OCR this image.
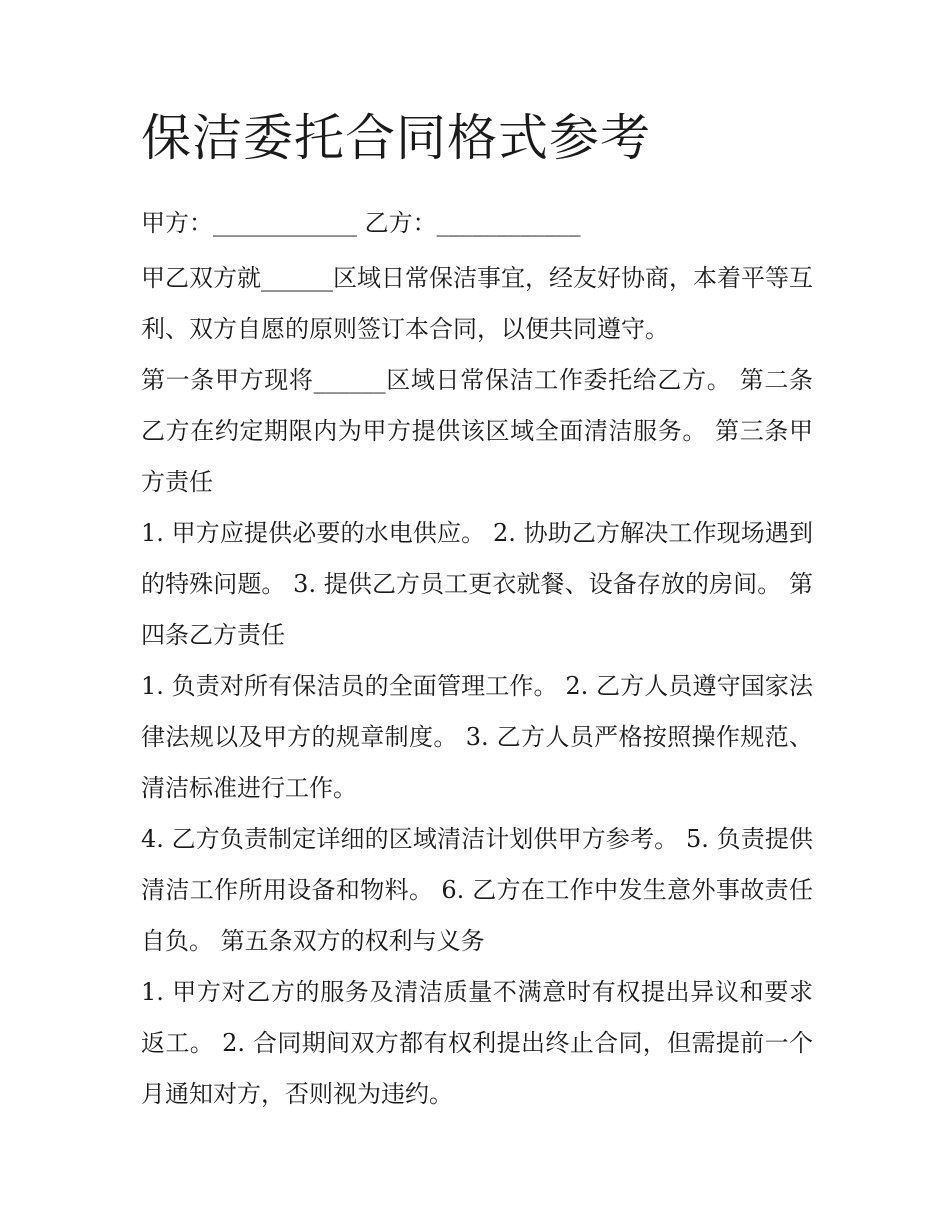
保洁委托合同格式参考

甲方：____________ 乙方：____________

甲乙双方就______区域日常保洁事宜，经友好协商，本着平等互利、双方自愿的原则签订本合同，以便共同遵守。

第一条甲方现将______区域日常保洁工作委托给乙方。 第二条乙方在约定期限内为甲方提供该区域全面清洁服务。 第三条甲方责任

1. 甲方应提供必要的水电供应。 2. 协助乙方解决工作现场遇到的特殊问题。 3. 提供乙方员工更衣就餐、设备存放的房间。 第四条乙方责任

1. 负责对所有保洁员的全面管理工作。 2. 乙方人员遵守国家法律法规以及甲方的规章制度。 3. 乙方人员严格按照操作规范、清洁标准进行工作。

4. 乙方负责制定详细的区域清洁计划供甲方参考。 5. 负责提供清洁工作所用设备和物料。 6. 乙方在工作中发生意外事故责任自负。 第五条双方的权利与义务

1. 甲方对乙方的服务及清洁质量不满意时有权提出异议和要求返工。 2. 合同期间双方都有权利提出终止合同，但需提前一个月通知对方，否则视为违约。
